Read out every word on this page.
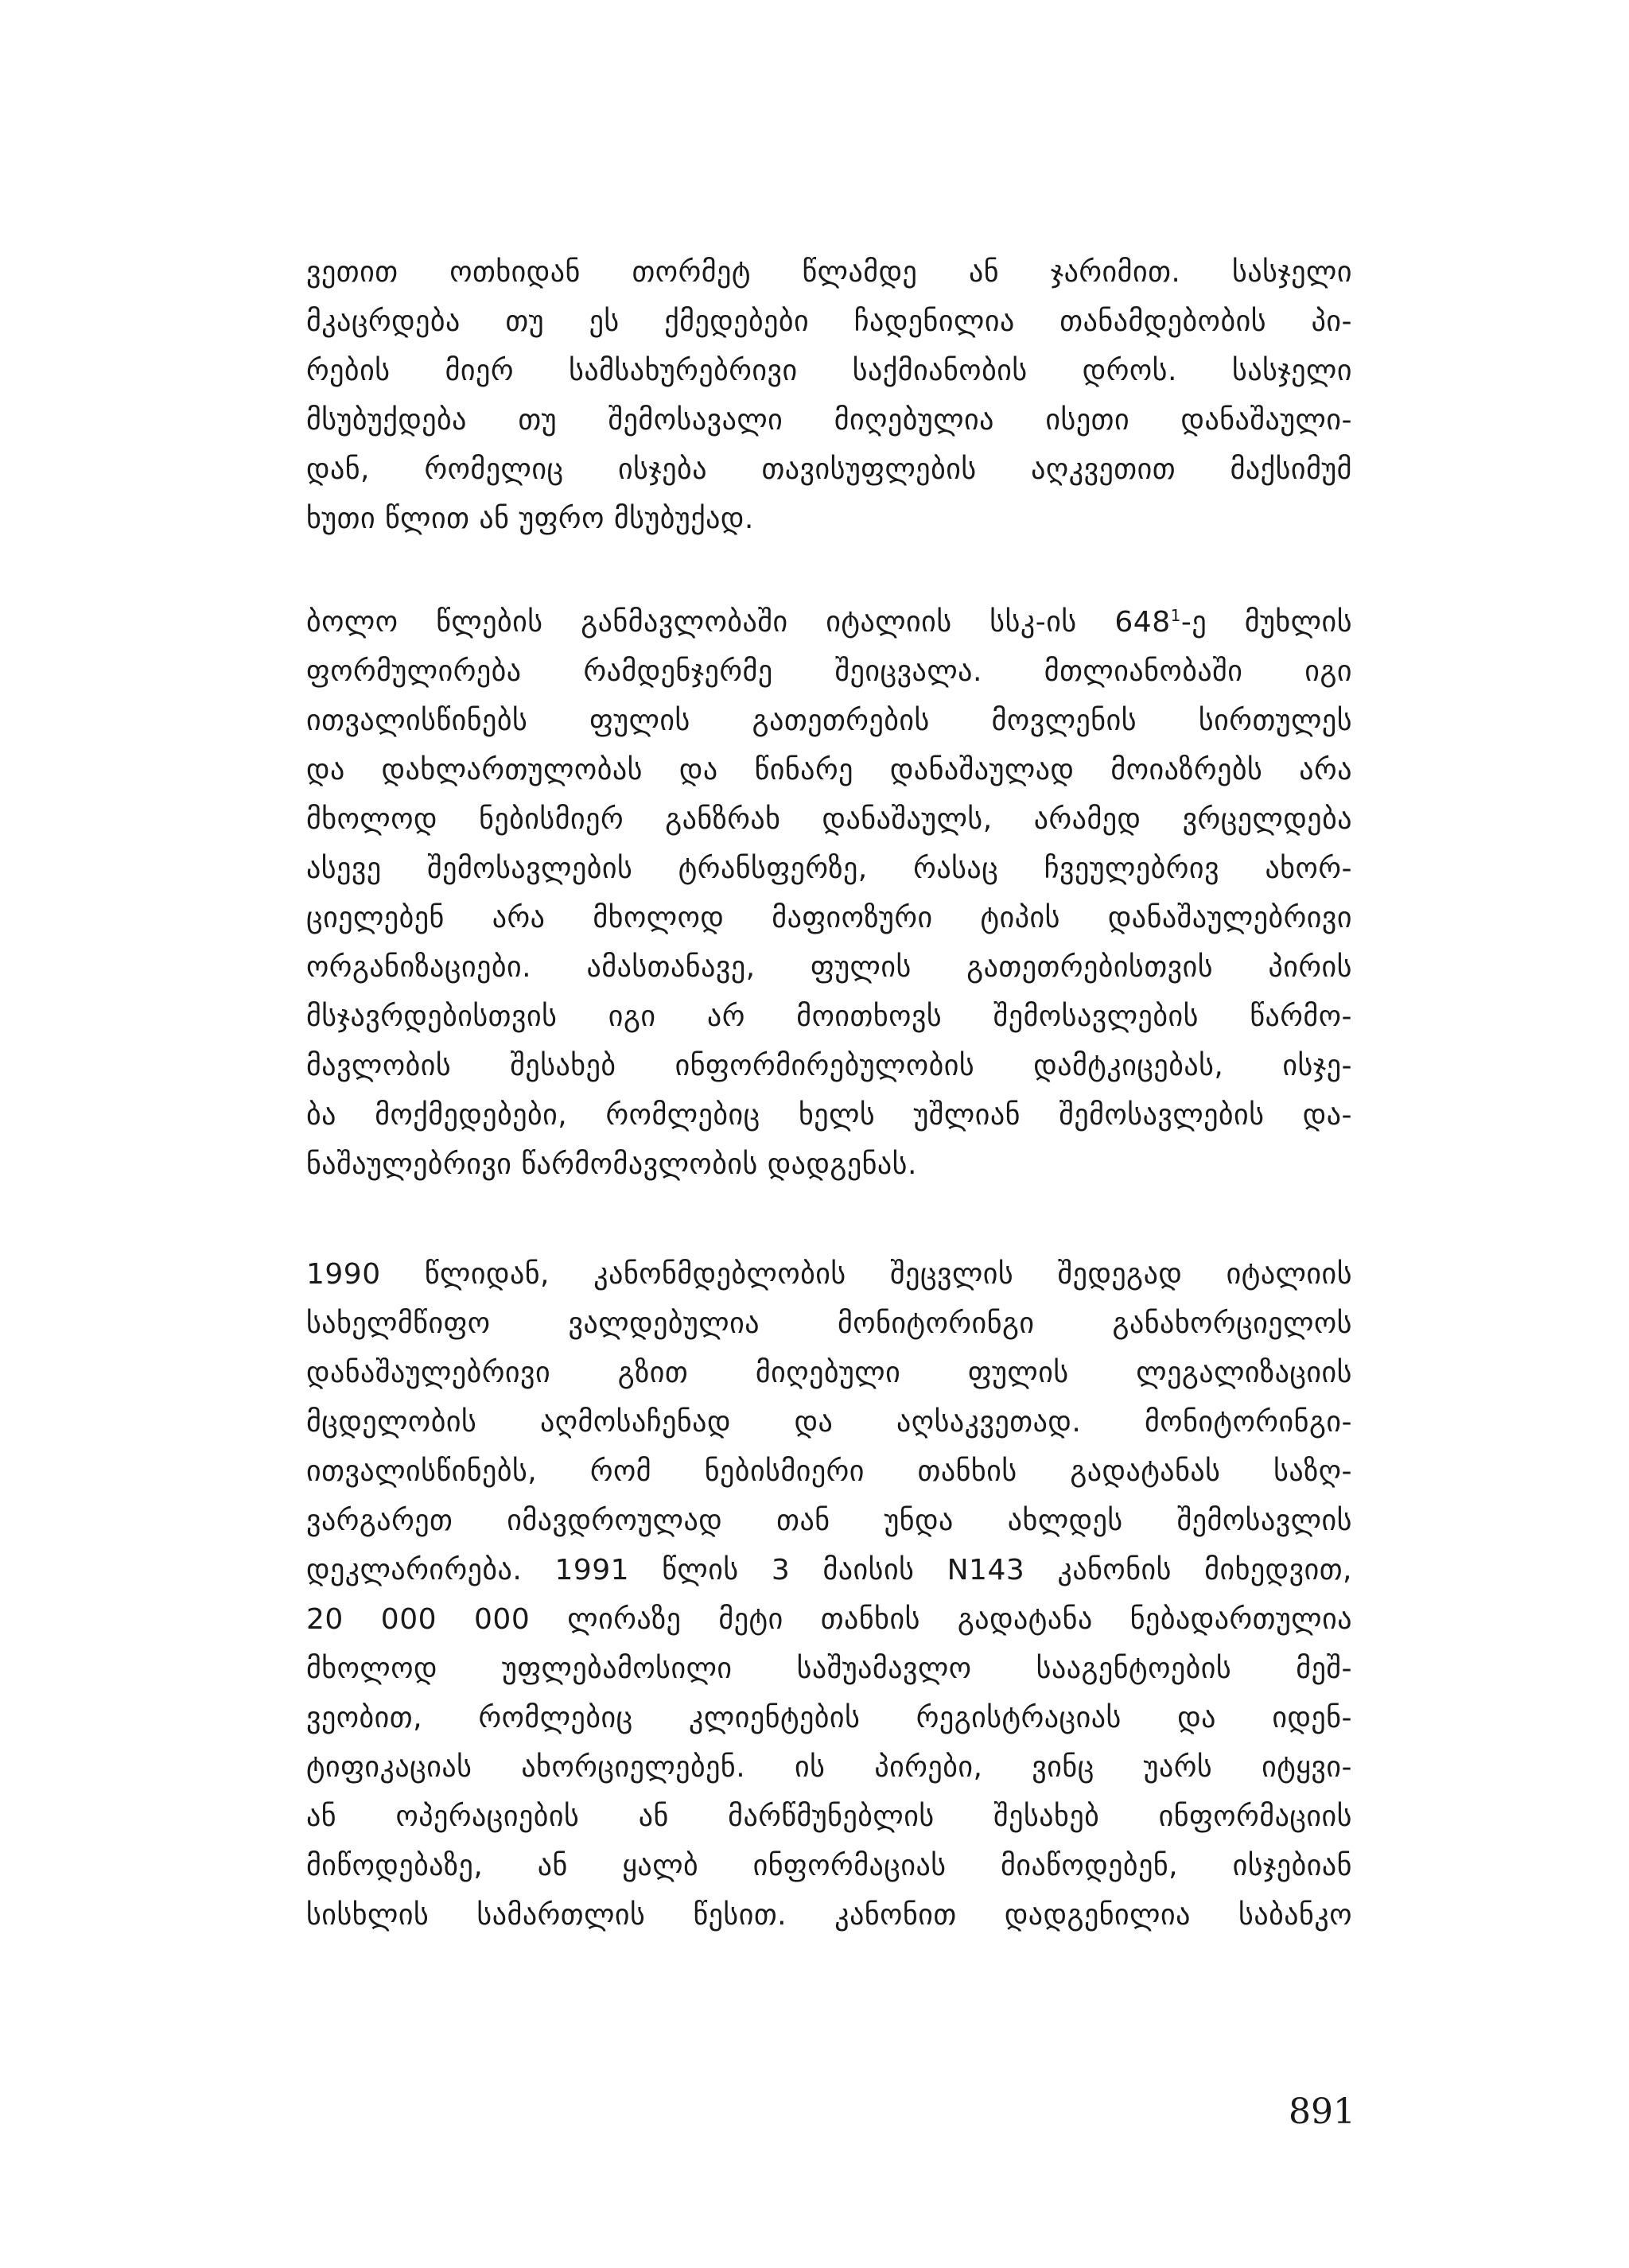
ვეთით ოთხიდან თორმეტ წლამდე ან ჯარიმით. სასჯელი
მკაცრდება თუ ეს ქმედებები ჩადენილია თანამდებობის პი-
რების მიერ სამსახურებრივი საქმიანობის დროს. სასჯელი
მსუბუქდება თუ შემოსავალი მიღებულია ისეთი დანაშაული-
დან, რომელიც ისჯება თავისუფლების აღკვეთით მაქსიმუმ
ხუთი წლით ან უფრო მსუბუქად.
ბოლო წლების განმავლობაში იტალიის სსკ-ის $648^1-ე$ მუხლის
ფორმულირება რამდენჯერმე შეიცვალა. მთლიანობაში იგი
ითვალისწინებს ფულის გათეთრების მოვლენის სირთულეს
და დახლართულობას და წინარე დანაშაულად მოიაზრებს არა
მხოლოდ ნებისმიერ განზრახ დანაშაულს, არამედ ვრცელდება
ასევე შემოსავლების ტრანსფერზე, რასაც ჩვეულებრივ ახორ-
ციელებენ არა მხოლოდ მაფიოზური ტიპის დანაშაულებრივი
ორგანიზაციები. ამასთანავე, ფულის გათეთრებისთვის პირის
მსჯავრდებისთვის იგი არ მოითხოვს შემოსავლების წარმო-
მავლობის შესახებ ინფორმირებულობის დამტკიცებას, ისჯე-
ბა მოქმედებები, რომლებიც ხელს უშლიან შემოსავლების და-
ნაშაულებრივი წარმომავლობის დადგენას.
1990 წლიდან, კანონმდებლობის შეცვლის შედეგად იტალიის
სახელმწიფო ვალდებულია მონიტორინგი განახორციელოს
დანაშაულებრივი გზით მიღებული ფულის ლეგალიზაციის
მცდელობის აღმოსაჩენად და აღსაკვეთად. მონიტორინგი-
ითვალისწინებს, რომ ნებისმიერი თანხის გადატანას საზღ-
ვარგარეთ იმავდროულად თან უნდა ახლდეს შემოსავლის
დეკლარირება. 1991 წლის 3 მაისის N143 კანონის მიხედვით,
20 000 000 ლირაზე მეტი თანხის გადატანა ნებადართულია
მხოლოდ უფლებამოსილი საშუამავლო სააგენტოების მეშ-
ვეობით, რომლებიც კლიენტების რეგისტრაციას და იდენ-
ტიფიკაციას ახორციელებენ. ის პირები, ვინც უარს იტყვი-
ან ოპერაციების ან მარწმუნებლის შესახებ ინფორმაციის
მიწოდებაზე, ან ყალბ ინფორმაციას მიაწოდებენ, ისჯებიან
სისხლის სამართლის წესით. კანონით დადგენილია საბანკო
891
